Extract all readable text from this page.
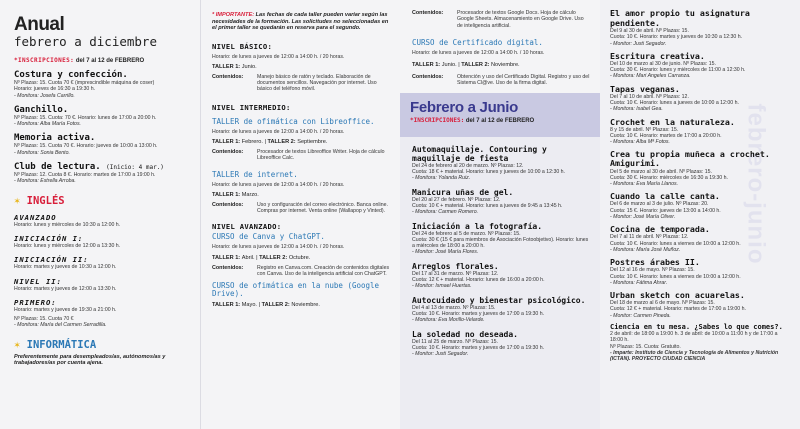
Anual
febrero a diciembre
*INSCRIPCIONES: del 7 al 12 de FEBRERO
Costura y confección.
Nº Plazas: 15. Cuota 70 € (imprescindible máquina de coser)
Horario: jueves de 16:30 a 19:30 h.
- Monitora: Josefa Carrillo.
Ganchillo.
Nº Plazas: 15. Cuota: 70 €. Horario: lunes de 17:00 a 20:00 h.
- Monitora: Alba María Fotos.
Memoria activa.
Nº Plazas: 15. Cuota 70 €. Horario: jueves de 10:00 a 13:00 h.
- Monitora: Sonia Bento.
Club de lectura. (Inicio: 4 mar.)
Nº Plazas: 12. Cuota 8 €. Horario: martes de 17:00 a 19:00 h.
- Monitora: Estrella Arroba.
✶ INGLÉS
AVANZADO
Horario: lunes y miércoles de 10:30 a 12:00 h.
INICIACIÓN I:
Horario: lunes y miércoles de 12:00 a 13:30 h.
INICIACIÓN II:
Horario: martes y jueves de 10:30 a 12:00 h.
NIVEL II:
Horario: martes y jueves de 12:00 a 13:30 h.
PRIMERO:
Horario: martes y jueves de 19:30 a 21:00 h.
Nº Plazas: 15. Cuota 70 €
- Monitora: María del Carmen Serradilla.
✶ INFORMÁTICA
Preferentemente para desempleados/as, autónomos/as y trabajadores/as por cuenta ajena.
* IMPORTANTE: Las fechas de cada taller pueden variar según las necesidades de la formación. Las solicitudes no seleccionadas en el primer taller se quedarán en reserva para el segundo.
NIVEL BÁSICO:
Horario: de lunes a jueves de 12:00 a 14:00 h. / 20 horas.
TALLER 1: Junio.
Contenidos:	Manejo básico de ratón y teclado. Elaboración de documentos sencillos. Navegación por internet. Uso básico del teléfono móvil.
NIVEL INTERMEDIO:
TALLER de ofimática con Libreoffice.
Horario: de lunes a jueves de 12:00 a 14:00 h. / 20 horas.
TALLER 1: Febrero. | TALLER 2: Septiembre.
Contenidos:	Procesador de textos Libreoffice Writer. Hoja de cálculo Libreoffice Calc.
TALLER de internet.
Horario: de lunes a jueves de 12:00 a 14:00 h. / 20 horas.
TALLER 1: Marzo.
Contenidos:	Uso y configuración del correo electrónico. Banca online. Compras por internet. Venta online (Wallapop y Vinted).
NIVEL AVANZADO:
CURSO de Canva y ChatGPT.
Horario: de lunes a jueves de 12:00 a 14:00 h. / 20 horas.
TALLER 1: Abril. | TALLER 2: Octubre.
Contenidos:	Registro en Canva.com. Creación de contenidos digitales con Canva. Uso de la inteligencia artificial con ChatGPT.
CURSO de ofimática en la nube (Google Drive).
TALLER 1: Mayo. | TALLER 2: Noviembre.
Contenidos:	Procesador de textos Google Docs. Hoja de cálculo Google Sheets. Almacenamiento en Google Drive. Uso de inteligencia artificial.
CURSO de Certificado digital.
Horario: de lunes a jueves de 12:00 a 14:00 h. / 10 horas.
TALLER 1: Junio. | TALLER 2: Noviembre.
Contenidos:	Obtención y uso del Certificado Digital. Registro y uso del Sistema Cl@ve. Uso de la firma digital.
Febrero a Junio
*INSCRIPCIONES: del 7 al 12 de FEBRERO
Automaquillaje. Contouring y maquillaje de fiesta
Del 24 de febrero al 20 de marzo. Nº Plazas: 12.
Cuota: 18 € + material. Horario: lunes y jueves de 10:00 a 12:30 h.
- Monitora: Yolanda Ruiz.
Manicura uñas de gel.
Del 20 al 27 de febrero. Nº Plazas: 12.
Cuota: 10 € + material. Horario: lunes a jueves de 9:45 a 13:45 h.
- Monitora: Carmen Romero.
Iniciación a la fotografía.
Del 24 de febrero al 5 de marzo. Nº Plazas: 15.
Cuota: 30 € (15 € para miembros de Asociación Fotoobjetivo). Horario: lunes a miércoles de 18:00 a 20:00 h.
- Monitor: José María Flores.
Arreglos florales.
Del 17 al 31 de marzo. Nº Plazas: 12.
Cuota: 12 € + material. Horario: lunes de 16:00 a 20:00 h.
- Monitor: Ismael Huertas.
Autocuidado y bienestar psicológico.
Del 4 al 13 de marzo. Nº Plazas: 15.
Cuota: 10 €. Horario: martes y jueves de 17:00 a 19:30 h.
- Monitora: Eva Morillo-Velarde.
La soledad no deseada.
Del 11 al 25 de marzo. Nº Plazas: 15.
Cuota: 10 €. Horario: martes y jueves de 17:00 a 19:30 h.
- Monitor: Justi Segador.
febrero-junio
El amor propio tu asignatura pendiente.
Del 9 al 30 de abril. Nº Plazas: 15.
Cuota: 10 €. Horario: martes y jueves de 10:30 a 12:30 h.
- Monitor: Justi Segador.
Escritura creativa.
Del 10 de marzo al 30 de junio. Nº Plazas: 15.
Cuota: 30 €. Horario: lunes y miércoles de 11:00 a 12:30 h.
- Monitora: Mari Angeles Carranza.
Tapas veganas.
Del 7 al 10 de abril. Nº Plazas: 12.
Cuota: 10 €. Horario: lunes a jueves de 10:00 a 12:00 h.
- Monitora: Isabel Gea.
Crochet en la naturaleza.
8 y 15 de abril. Nº Plazas: 15.
Cuota: 10 €. Horario: martes de 17:00 a 20:00 h.
- Monitora: Alba Mª Fotos.
Crea tu propia muñeca a crochet. Amigurimi.
Del 5 de marzo al 30 de abril. Nº Plazas: 15.
Cuota: 30 €. Horario: miércoles de 16:30 a 19:30 h.
- Monitora: Eva María Llanos.
Cuando la calle canta.
Del 6 de marzo al 3 de julio. Nº Plazas: 20.
Cuota: 15 €. Horario: jueves de 13:00 a 14:00 h.
- Monitor: José María Oliver.
Cocina de temporada.
Del 7 al 11 de abril. Nº Plazas: 12.
Cuota: 10 €. Horario: lunes a viernes de 10:00 a 12:00 h.
- Monitora: María José Muñoz.
Postres árabes II.
Del 12 al 16 de mayo. Nº Plazas: 15.
Cuota: 10 €. Horario: lunes a viernes de 10:00 a 12:00 h.
- Monitora: Fátima Ahrar.
Urban sketch con acuarelas.
Del 18 de marzo al 6 de mayo. Nº Plazas: 15.
Cuota: 12 € + material. Horario: martes de 17:00 a 19:00 h.
- Monitor: Carmen Pineda.
Ciencia en tu mesa. ¿Sabes lo que comes?.
2 de abril: de 18:00 a 19:00 h. 3 de abril: de 10:00 a 11:00 h y de 17:00 a 18:00 h.
Nº Plazas: 15. Cuota: Gratuito.
- Imparte: Instituto de Ciencia y Tecnología de Alimentos y Nutrición (ICTAN). PROYECTO CIUDAD CIENCIA
